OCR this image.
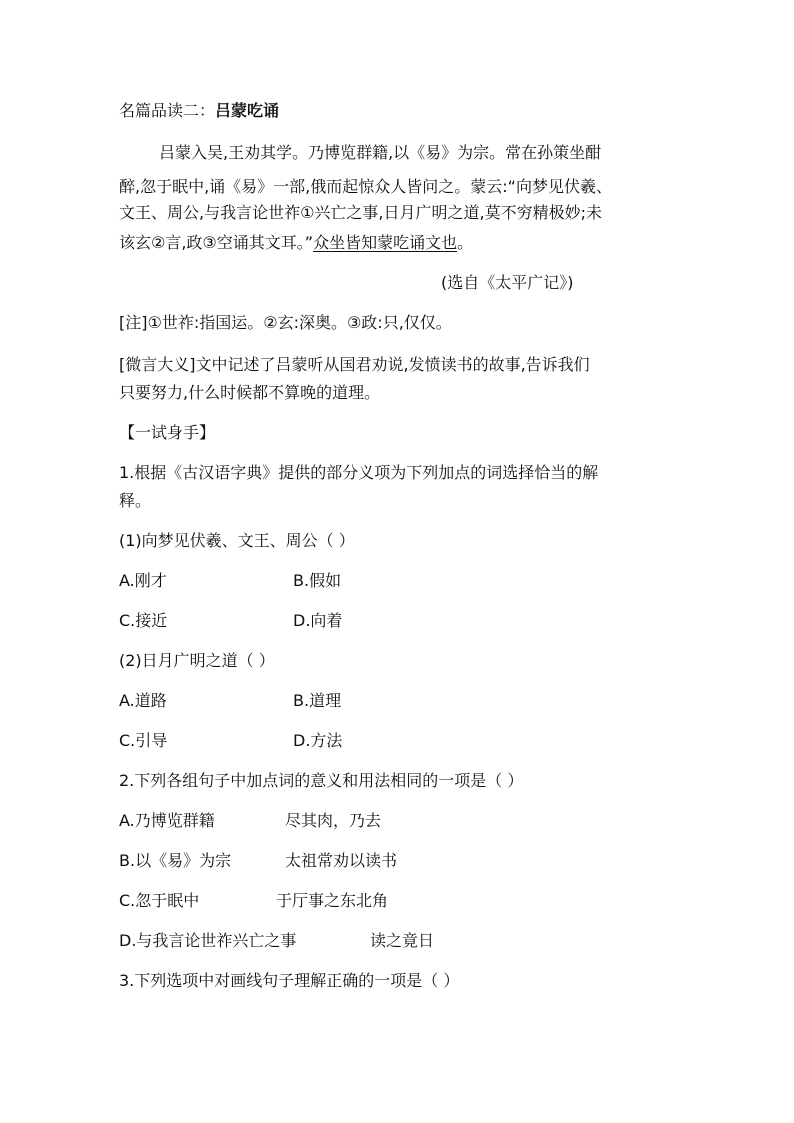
名篇品读二：吕蒙吃诵
吕蒙入吴,王劝其学。乃博览群籍,以《易》为宗。常在孙策坐酣
醉,忽于眠中,诵《易》一部,俄而起惊众人皆问之。蒙云:“向梦见伏羲、
文王、周公,与我言论世祚①兴亡之事,日月广明之道,莫不穷精极妙;未
该玄②言,政③空诵其文耳。”众坐皆知蒙吃诵文也。
(选自《太平广记》)
[注]①世祚:指国运。②玄:深奥。③政:只,仅仅。
[微言大义]文中记述了吕蒙听从国君劝说,发愤读书的故事,告诉我们
只要努力,什么时候都不算晚的道理。
【一试身手】
1.根据《古汉语字典》提供的部分义项为下列加点的词选择恰当的解
释。
(1)向梦见伏羲、文王、周公（ ）
A.刚才	B.假如
C.接近	D.向着
(2)日月广明之道（ ）
A.道路	B.道理
C.引导	D.方法
2.下列各组句子中加点词的意义和用法相同的一项是（ ）
A.乃博览群籍	尽其肉，乃去
B.以《易》为宗	太祖常劝以读书
C.忽于眠中	于厅事之东北角
D.与我言论世祚兴亡之事	读之竟日
3.下列选项中对画线句子理解正确的一项是（ ）
